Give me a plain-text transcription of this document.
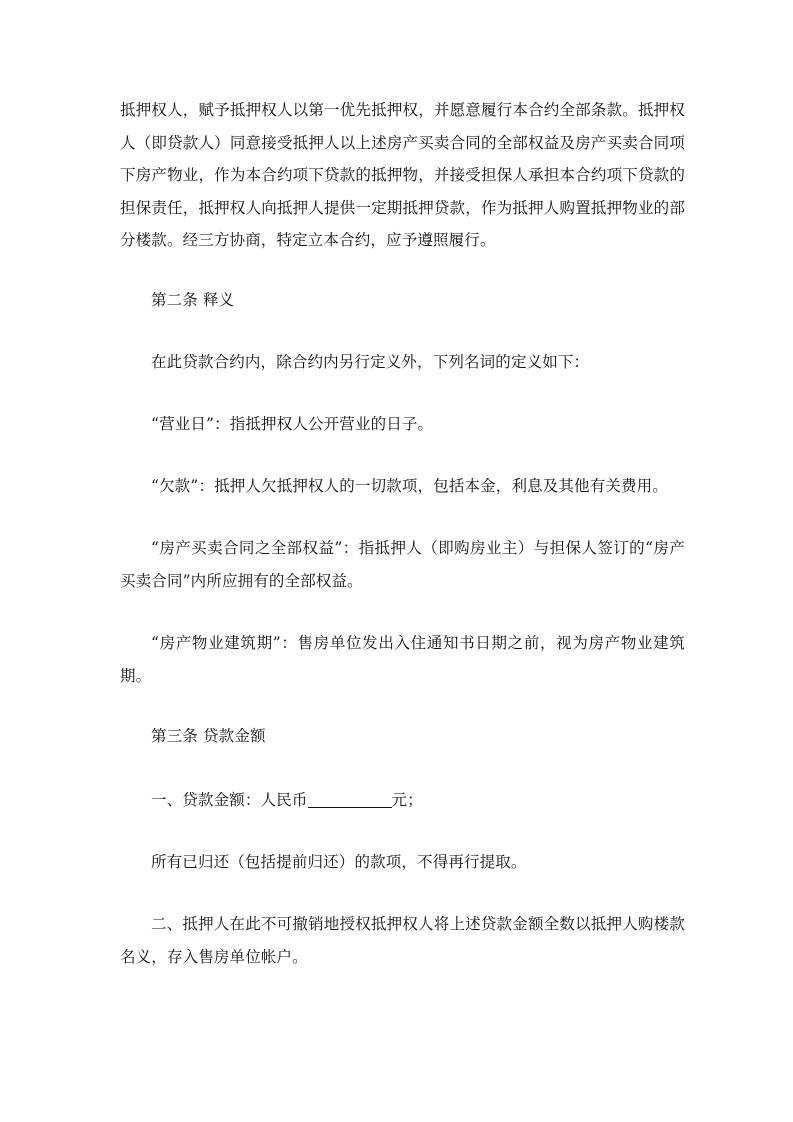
抵押权人，赋予抵押权人以第一优先抵押权，并愿意履行本合约全部条款。抵押权人（即贷款人）同意接受抵押人以上述房产买卖合同的全部权益及房产买卖合同项下房产物业，作为本合约项下贷款的抵押物，并接受担保人承担本合约项下贷款的担保责任，抵押权人向抵押人提供一定期抵押贷款，作为抵押人购置抵押物业的部分楼款。经三方协商，特定立本合约，应予遵照履行。

第二条 释义

在此贷款合约内，除合约内另行定义外，下列名词的定义如下：

“营业日”：指抵押权人公开营业的日子。

“欠款”：抵押人欠抵押权人的一切款项，包括本金，利息及其他有关费用。

“房产买卖合同之全部权益”：指抵押人（即购房业主）与担保人签订的“房产买卖合同”内所应拥有的全部权益。

“房产物业建筑期”：售房单位发出入住通知书日期之前，视为房产物业建筑期。

第三条 贷款金额

一、贷款金额：人民币	元；

所有已归还（包括提前归还）的款项，不得再行提取。

二、抵押人在此不可撤销地授权抵押权人将上述贷款金额全数以抵押人购楼款名义，存入售房单位帐户。
